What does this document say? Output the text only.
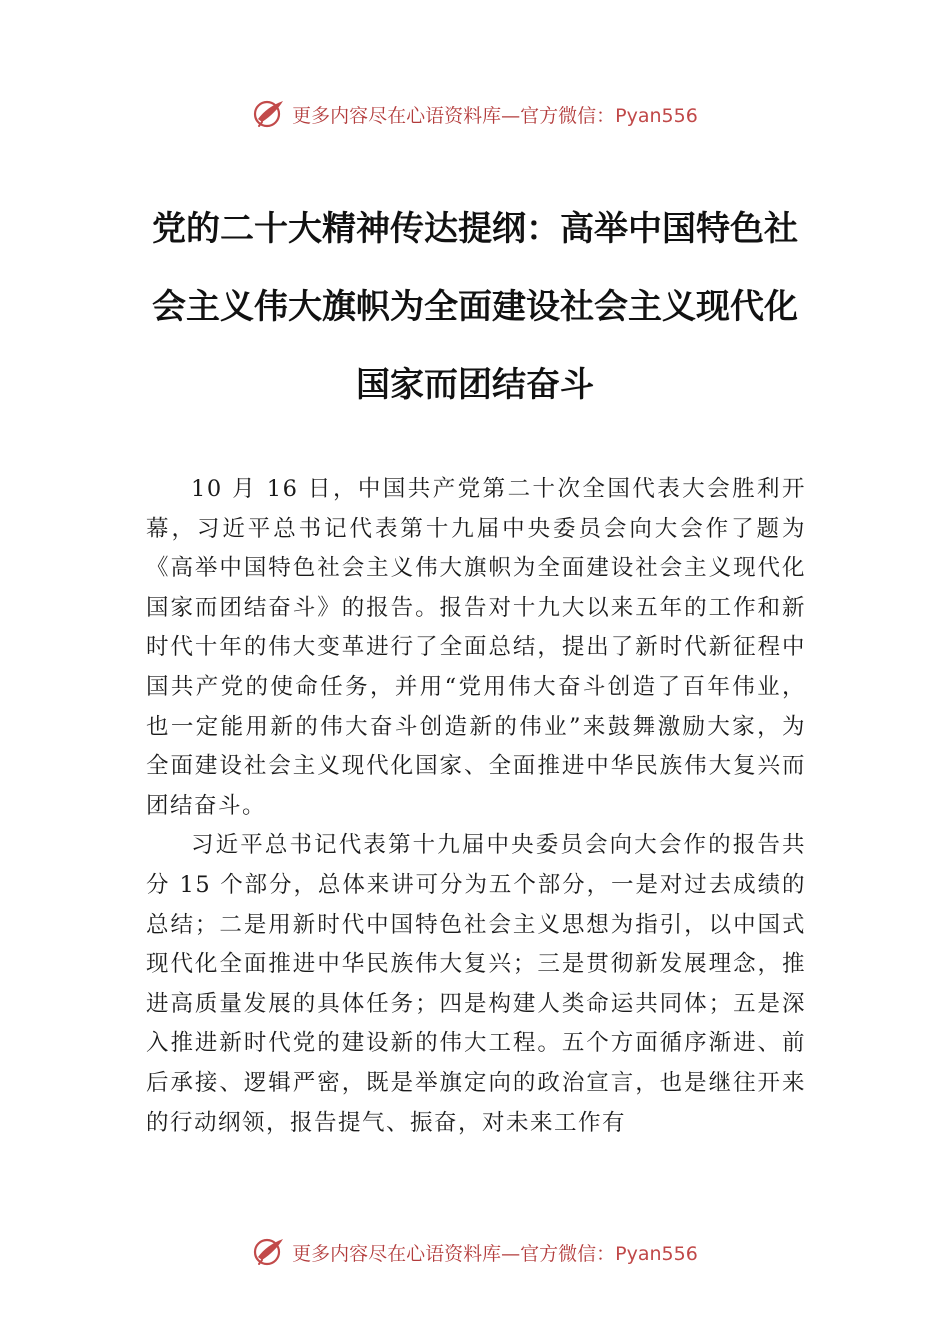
更多内容尽在心语资料库—官方微信：Pyan556
党的二十大精神传达提纲：高举中国特色社会主义伟大旗帜为全面建设社会主义现代化国家而团结奋斗

10 月 16 日，中国共产党第二十次全国代表大会胜利开幕，习近平总书记代表第十九届中央委员会向大会作了题为《高举中国特色社会主义伟大旗帜为全面建设社会主义现代化国家而团结奋斗》的报告。报告对十九大以来五年的工作和新时代十年的伟大变革进行了全面总结，提出了新时代新征程中国共产党的使命任务，并用“党用伟大奋斗创造了百年伟业，也一定能用新的伟大奋斗创造新的伟业”来鼓舞激励大家，为全面建设社会主义现代化国家、全面推进中华民族伟大复兴而团结奋斗。

习近平总书记代表第十九届中央委员会向大会作的报告共分 15 个部分，总体来讲可分为五个部分，一是对过去成绩的总结；二是用新时代中国特色社会主义思想为指引，以中国式现代化全面推进中华民族伟大复兴；三是贯彻新发展理念，推进高质量发展的具体任务；四是构建人类命运共同体；五是深入推进新时代党的建设新的伟大工程。五个方面循序渐进、前后承接、逻辑严密，既是举旗定向的政治宣言，也是继往开来的行动纲领，报告提气、振奋，对未来工作有

更多内容尽在心语资料库—官方微信：Pyan556
